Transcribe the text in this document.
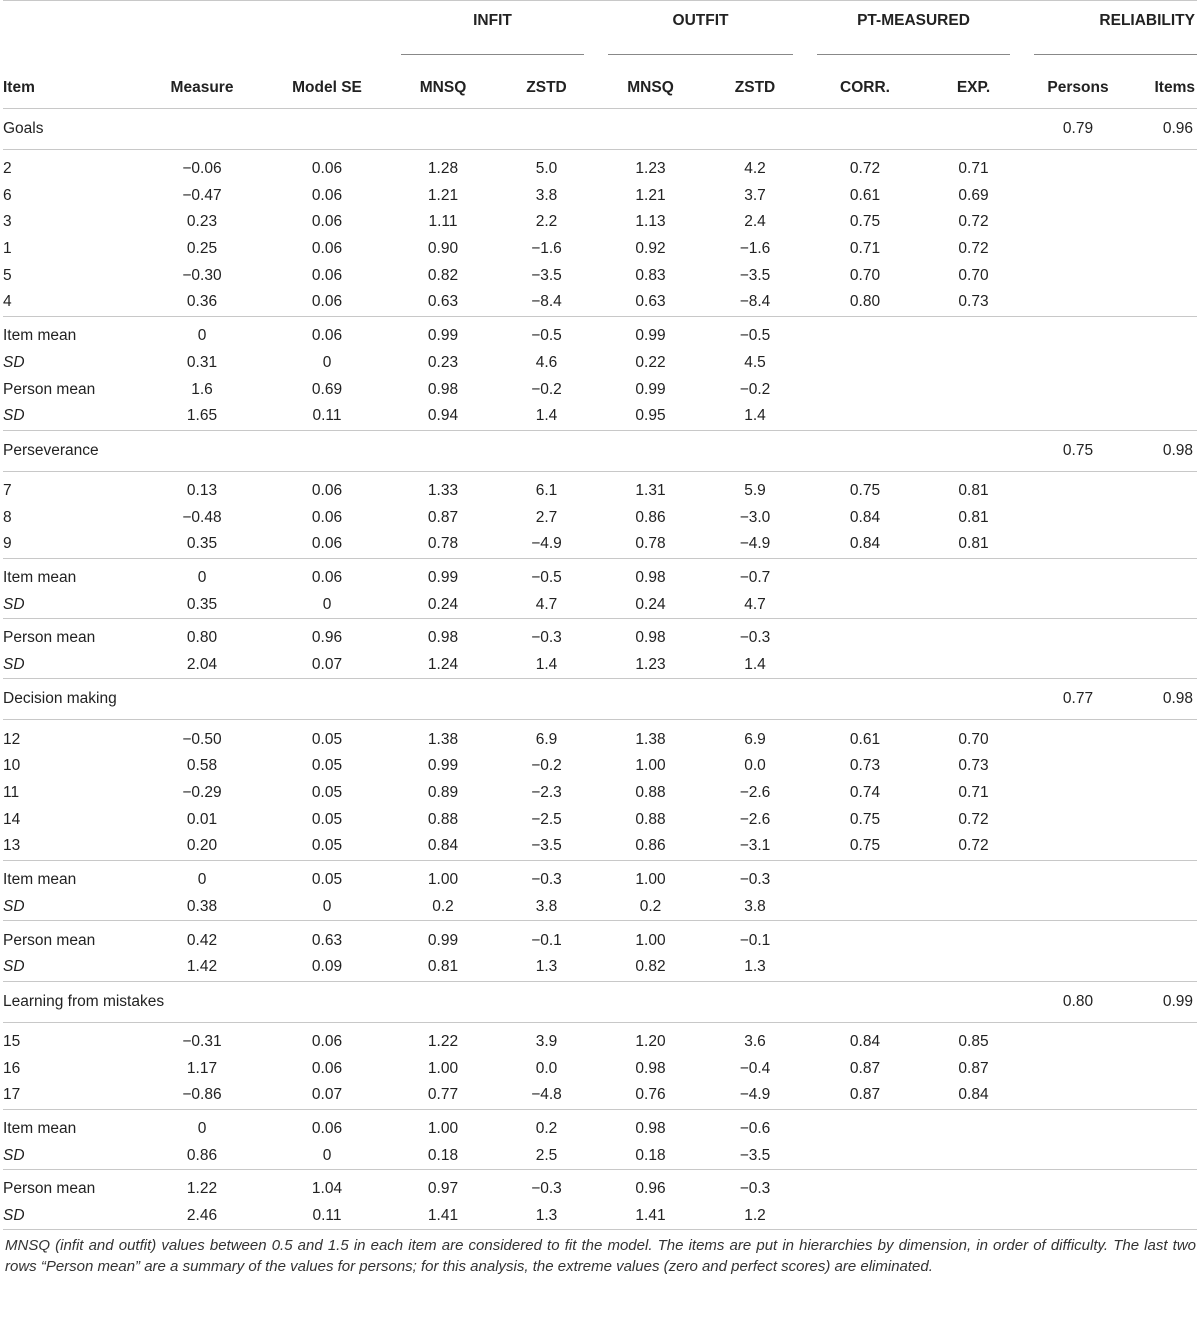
			INFIT		OUTFIT		PT-MEASURED		RELIABILITY	

Item	Measure	Model SE	MNSQ	ZSTD	MNSQ	ZSTD	CORR.	EXP.	Persons	Items
Goals									0.79	0.96
2	−0.06	0.06	1.28	5.0	1.23	4.2	0.72	0.71		
6	−0.47	0.06	1.21	3.8	1.21	3.7	0.61	0.69		
3	0.23	0.06	1.11	2.2	1.13	2.4	0.75	0.72		
1	0.25	0.06	0.90	−1.6	0.92	−1.6	0.71	0.72		
5	−0.30	0.06	0.82	−3.5	0.83	−3.5	0.70	0.70		
4	0.36	0.06	0.63	−8.4	0.63	−8.4	0.80	0.73		
Item mean	0	0.06	0.99	−0.5	0.99	−0.5				
SD	0.31	0	0.23	4.6	0.22	4.5				
Person mean	1.6	0.69	0.98	−0.2	0.99	−0.2				
SD	1.65	0.11	0.94	1.4	0.95	1.4				
Perseverance									0.75	0.98
7	0.13	0.06	1.33	6.1	1.31	5.9	0.75	0.81		
8	−0.48	0.06	0.87	2.7	0.86	−3.0	0.84	0.81		
9	0.35	0.06	0.78	−4.9	0.78	−4.9	0.84	0.81		
Item mean	0	0.06	0.99	−0.5	0.98	−0.7				
SD	0.35	0	0.24	4.7	0.24	4.7				
Person mean	0.80	0.96	0.98	−0.3	0.98	−0.3				
SD	2.04	0.07	1.24	1.4	1.23	1.4				
Decision making									0.77	0.98
12	−0.50	0.05	1.38	6.9	1.38	6.9	0.61	0.70		
10	0.58	0.05	0.99	−0.2	1.00	0.0	0.73	0.73		
11	−0.29	0.05	0.89	−2.3	0.88	−2.6	0.74	0.71		
14	0.01	0.05	0.88	−2.5	0.88	−2.6	0.75	0.72		
13	0.20	0.05	0.84	−3.5	0.86	−3.1	0.75	0.72		
Item mean	0	0.05	1.00	−0.3	1.00	−0.3				
SD	0.38	0	0.2	3.8	0.2	3.8				
Person mean	0.42	0.63	0.99	−0.1	1.00	−0.1				
SD	1.42	0.09	0.81	1.3	0.82	1.3				
Learning from mistakes									0.80	0.99
15	−0.31	0.06	1.22	3.9	1.20	3.6	0.84	0.85		
16	1.17	0.06	1.00	0.0	0.98	−0.4	0.87	0.87		
17	−0.86	0.07	0.77	−4.8	0.76	−4.9	0.87	0.84		
Item mean	0	0.06	1.00	0.2	0.98	−0.6				
SD	0.86	0	0.18	2.5	0.18	−3.5				
Person mean	1.22	1.04	0.97	−0.3	0.96	−0.3				
SD	2.46	0.11	1.41	1.3	1.41	1.2				
MNSQ (infit and outfit) values between 0.5 and 1.5 in each item are considered to fit the model. The items are put in hierarchies by dimension, in order of difficulty. The last two rows “Person mean” are a summary of the values for persons; for this analysis, the extreme values (zero and perfect scores) are eliminated.
